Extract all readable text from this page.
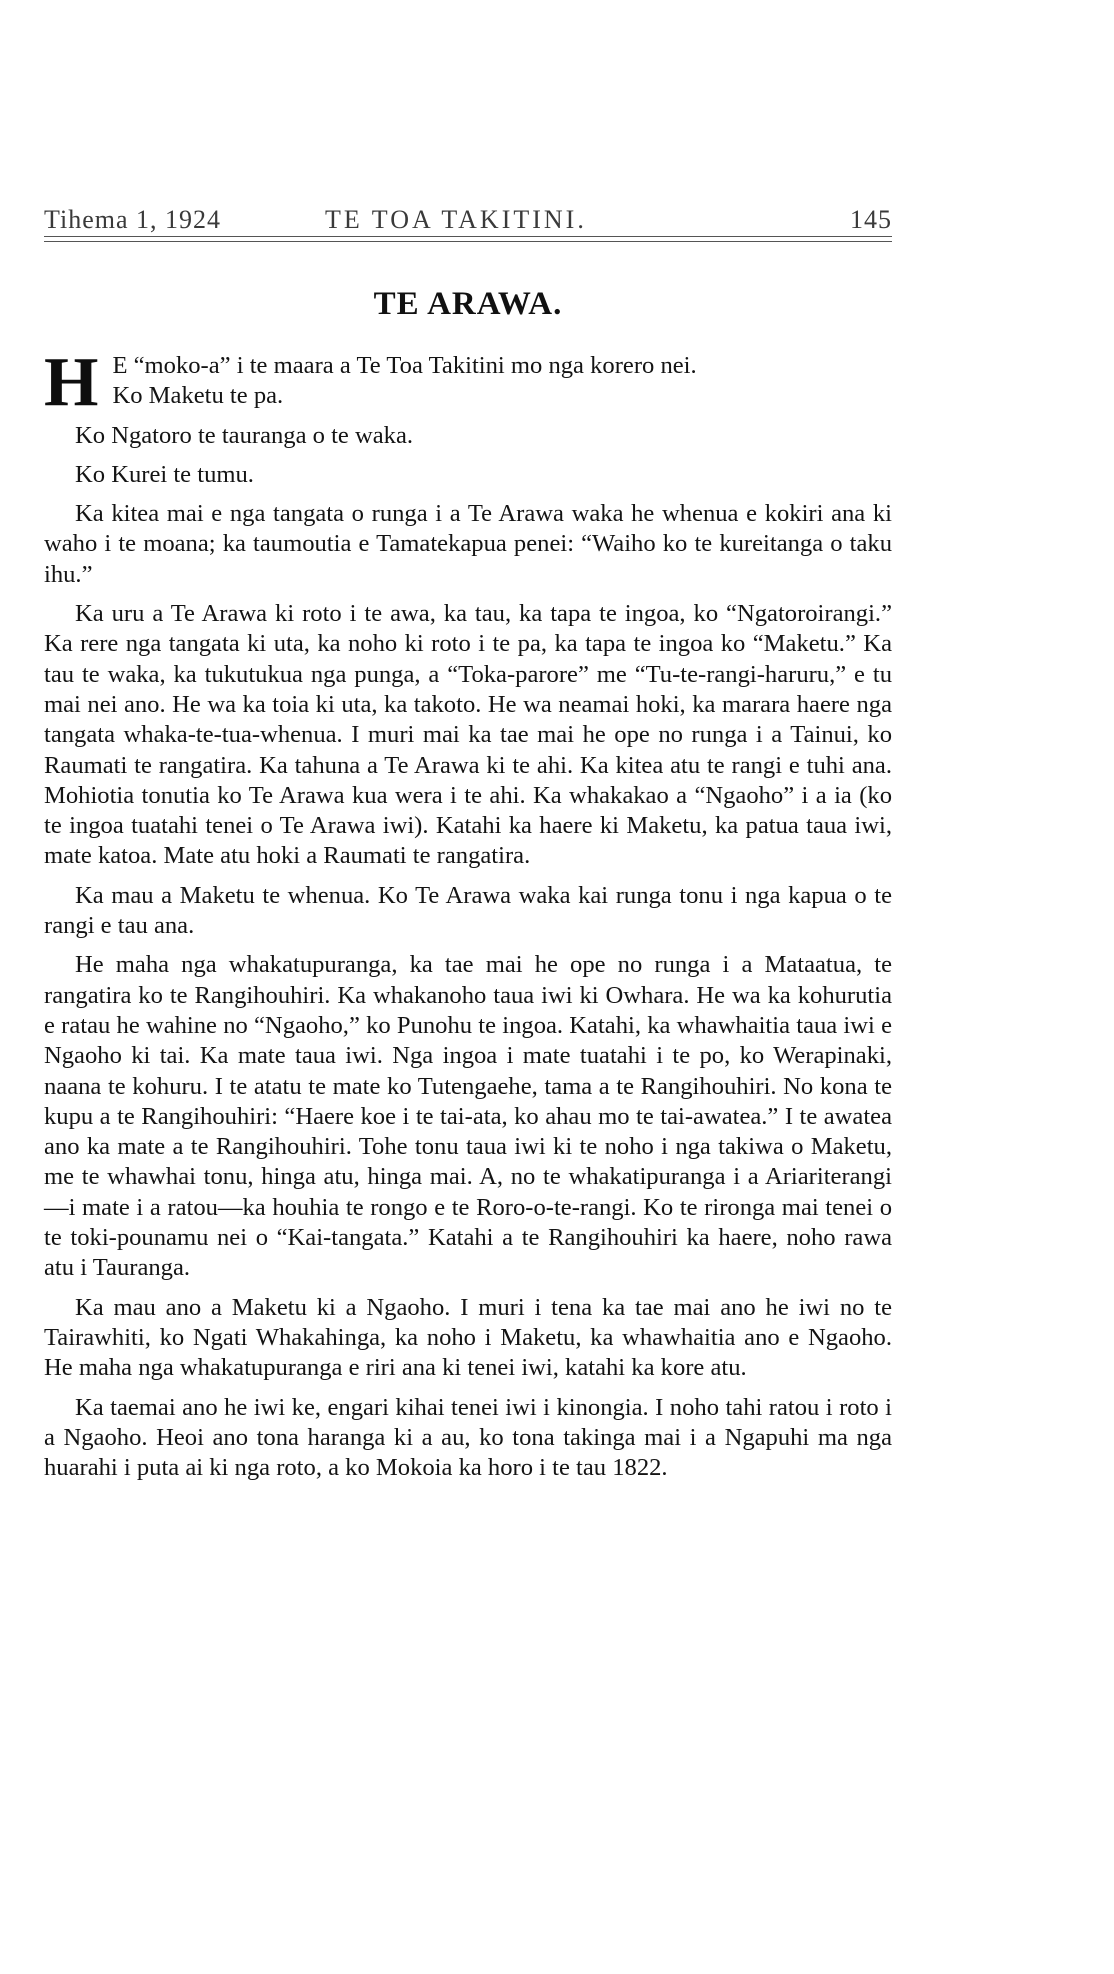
Tihema 1, 1924	TE TOA TAKITINI.	145
TE ARAWA.

H E “moko-a” i te maara a Te Toa Takitini mo nga korero nei.
Ko Maketu te pa.

Ko Ngatoro te tauranga o te waka.

Ko Kurei te tumu.

Ka kitea mai e nga tangata o runga i a Te Arawa waka he whenua e kokiri ana ki waho i te moana; ka taumoutia e Tamatekapua penei: “Waiho ko te kureitanga o taku ihu.”

Ka uru a Te Arawa ki roto i te awa, ka tau, ka tapa te ingoa, ko “Ngatoroirangi.” Ka rere nga tangata ki uta, ka noho ki roto i te pa, ka tapa te ingoa ko “Maketu.” Ka tau te waka, ka tukutukua nga punga, a “Toka-parore” me “Tu-te-rangi-haruru,” e tu mai nei ano. He wa ka toia ki uta, ka takoto. He wa neamai hoki, ka marara haere nga tangata whaka-te-tua-whenua. I muri mai ka tae mai he ope no runga i a Tainui, ko Raumati te rangatira. Ka tahuna a Te Arawa ki te ahi. Ka kitea atu te rangi e tuhi ana. Mohiotia tonutia ko Te Arawa kua wera i te ahi. Ka whakakao a “Ngaoho” i a ia (ko te ingoa tuatahi tenei o Te Arawa iwi). Katahi ka haere ki Maketu, ka patua taua iwi, mate katoa. Mate atu hoki a Raumati te rangatira.

Ka mau a Maketu te whenua. Ko Te Arawa waka kai runga tonu i nga kapua o te rangi e tau ana.

He maha nga whakatupuranga, ka tae mai he ope no runga i a Mataatua, te rangatira ko te Rangihouhiri. Ka whakanoho taua iwi ki Owhara. He wa ka kohurutia e ratau he wahine no “Ngaoho,” ko Punohu te ingoa. Katahi, ka whawhaitia taua iwi e Ngaoho ki tai. Ka mate taua iwi. Nga ingoa i mate tuatahi i te po, ko Werapinaki, naana te kohuru. I te atatu te mate ko Tutengaehe, tama a te Rangihouhiri. No kona te kupu a te Rangihouhiri: “Haere koe i te tai-ata, ko ahau mo te tai-awatea.” I te awatea ano ka mate a te Rangihouhiri. Tohe tonu taua iwi ki te noho i nga takiwa o Maketu, me te whawhai tonu, hinga atu, hinga mai. A, no te whakatipuranga i a Ariariterangi—i mate i a ratou—ka houhia te rongo e te Roro-o-te-rangi. Ko te rironga mai tenei o te toki-pounamu nei o “Kai-tangata.” Katahi a te Rangihouhiri ka haere, noho rawa atu i Tauranga.

Ka mau ano a Maketu ki a Ngaoho. I muri i tena ka tae mai ano he iwi no te Tairawhiti, ko Ngati Whakahinga, ka noho i Maketu, ka whawhaitia ano e Ngaoho. He maha nga whakatupuranga e riri ana ki tenei iwi, katahi ka kore atu.

Ka taemai ano he iwi ke, engari kihai tenei iwi i kinongia. I noho tahi ratou i roto i a Ngaoho. Heoi ano tona haranga ki a au, ko tona takinga mai i a Ngapuhi ma nga huarahi i puta ai ki nga roto, a ko Mokoia ka horo i te tau 1822.
